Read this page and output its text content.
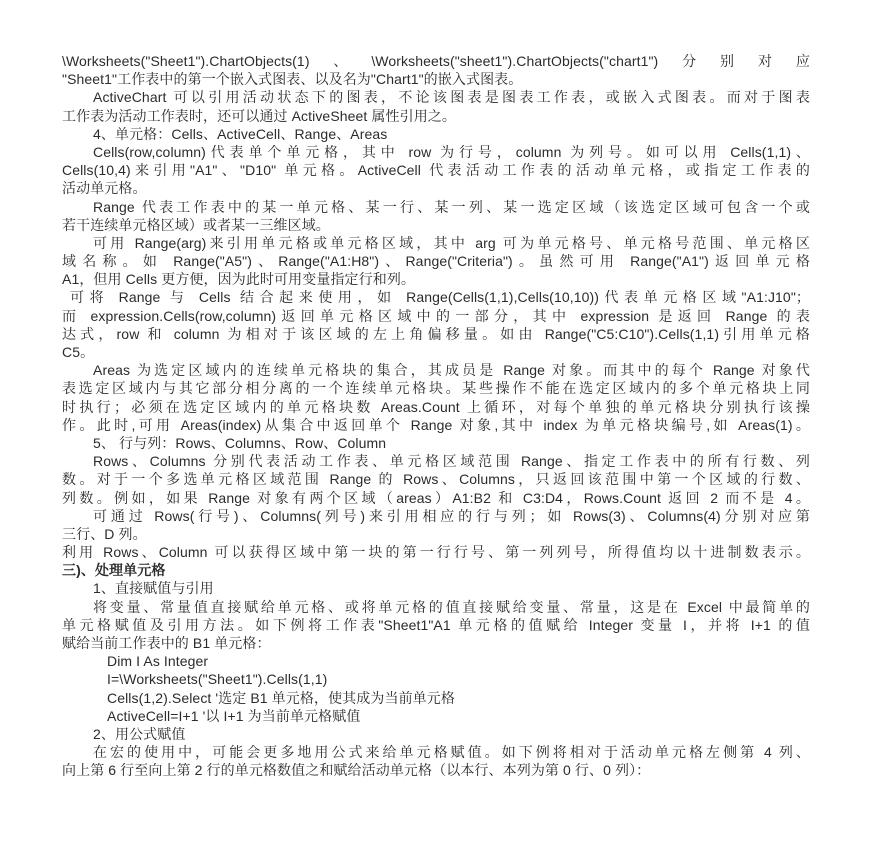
\Worksheets("Sheet1").ChartObjects(1)、\Worksheets("sheet1").ChartObjects("chart1")分别对应
"Sheet1"工作表中的第一个嵌入式图表、以及名为"Chart1"的嵌入式图表。
ActiveChart 可以引用活动状态下的图表，不论该图表是图表工作表，或嵌入式图表。而对于图表
工作表为活动工作表时，还可以通过 ActiveSheet 属性引用之。
4、单元格：Cells、ActiveCell、Range、Areas
Cells(row,column)代表单个单元格，其中 row 为行号，column 为列号。如可以用 Cells(1,1)、
Cells(10,4)来引用"A1"、"D10" 单元格。ActiveCell 代表活动工作表的活动单元格，或指定工作表的
活动单元格。
Range 代表工作表中的某一单元格、某一行、某一列、某一选定区域（该选定区域可包含一个或
若干连续单元格区域）或者某一三维区域。
可用 Range(arg)来引用单元格或单元格区域，其中 arg 可为单元格号、单元格号范围、单元格区
域名称。如 Range("A5")、Range("A1:H8")、Range("Criteria")。虽然可用 Range("A1")返回单元格
A1，但用 Cells 更方便，因为此时可用变量指定行和列。
可将 Range 与 Cells 结合起来使用，如 Range(Cells(1,1),Cells(10,10))代表单元格区域"A1:J10"；
而 expression.Cells(row,column)返回单元格区域中的一部分，其中 expression 是返回 Range 的表
达式，row 和 column 为相对于该区域的左上角偏移量。如由 Range("C5:C10").Cells(1,1)引用单元格
C5。
Areas 为选定区域内的连续单元格块的集合，其成员是 Range 对象。而其中的每个 Range 对象代
表选定区域内与其它部分相分离的一个连续单元格块。某些操作不能在选定区域内的多个单元格块上同
时执行；必须在选定区域内的单元格块数 Areas.Count 上循环，对每个单独的单元格块分别执行该操
作。此时,可用 Areas(index)从集合中返回单个 Range 对象,其中 index 为单元格块编号,如 Areas(1)。
5、 行与列：Rows、Columns、Row、Column
Rows、Columns 分别代表活动工作表、单元格区域范围 Range、指定工作表中的所有行数、列
数。对于一个多选单元格区域范围 Range 的 Rows、Columns，只返回该范围中第一个区域的行数、
列数。例如，如果 Range 对象有两个区域（areas）A1:B2 和 C3:D4，Rows.Count 返回 2 而不是 4。
可通过 Rows(行号)、Columns(列号)来引用相应的行与列；如 Rows(3)、Columns(4)分别对应第
三行、D 列。
利用 Rows、Column 可以获得区域中第一块的第一行行号、第一列列号，所得值均以十进制数表示。
三)、处理单元格
1、直接赋值与引用
将变量、常量值直接赋给单元格、或将单元格的值直接赋给变量、常量，这是在 Excel 中最简单的
单元格赋值及引用方法。如下例将工作表"Sheet1"A1 单元格的值赋给 Integer 变量 I，并将 I+1 的值
赋给当前工作表中的 B1 单元格：
Dim I As Integer
I=\Worksheets("Sheet1").Cells(1,1)
Cells(1,2).Select '选定 B1 单元格，使其成为当前单元格
ActiveCell=I+1 '以 I+1 为当前单元格赋值
2、用公式赋值
在宏的使用中，可能会更多地用公式来给单元格赋值。如下例将相对于活动单元格左侧第 4 列、
向上第 6 行至向上第 2 行的单元格数值之和赋给活动单元格（以本行、本列为第 0 行、0 列）：
